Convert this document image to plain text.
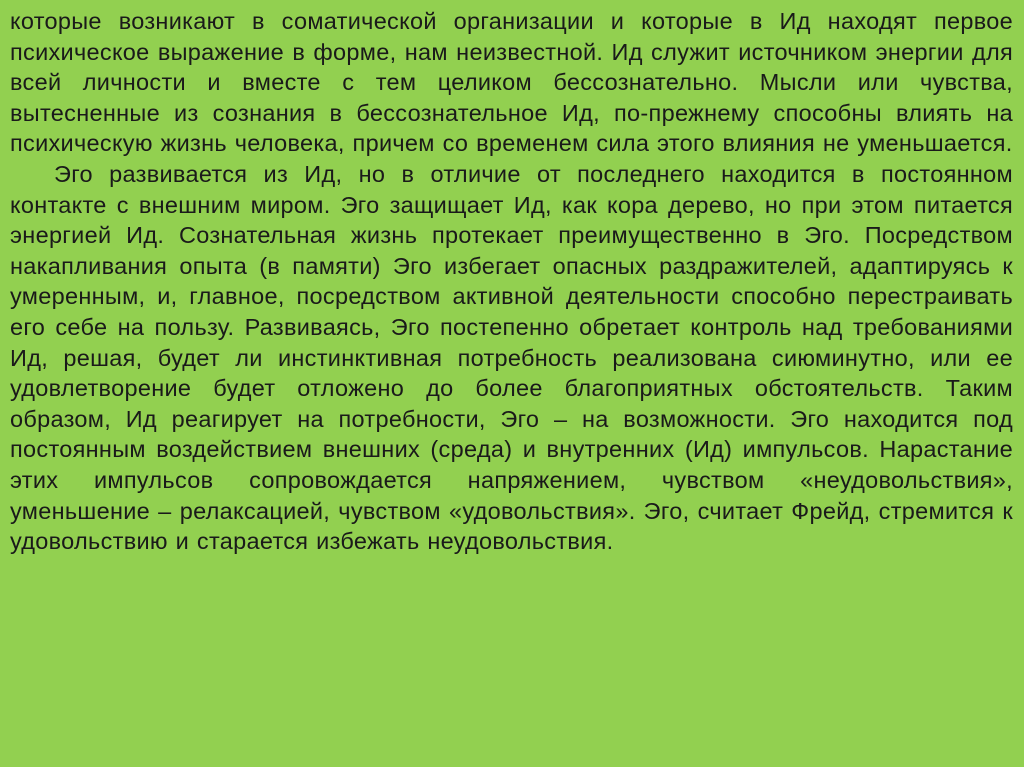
которые возникают в соматической организации и которые в Ид находят первое психическое выражение в форме, нам неизвестной. Ид служит источником энергии для всей личности и вместе с тем целиком бессознательно. Мысли или чувства, вытесненные из сознания в бессознательное Ид, по-прежнему способны влиять на психическую жизнь человека, причем со временем сила этого влияния не уменьшается.

Эго развивается из Ид, но в отличие от последнего находится в постоянном контакте с внешним миром. Эго защищает Ид, как кора дерево, но при этом питается энергией Ид. Сознательная жизнь протекает преимущественно в Эго. Посредством накапливания опыта (в памяти) Эго избегает опасных раздражителей, адаптируясь к умеренным, и, главное, посредством активной деятельности способно перестраивать его себе на пользу. Развиваясь, Эго постепенно обретает контроль над требованиями Ид, решая, будет ли инстинктивная потребность реализована сиюминутно, или ее удовлетворение будет отложено до более благоприятных обстоятельств. Таким образом, Ид реагирует на потребности, Эго – на возможности. Эго находится под постоянным воздействием внешних (среда) и внутренних (Ид) импульсов. Нарастание этих импульсов сопровождается напряжением, чувством «неудовольствия», уменьшение – релаксацией, чувством «удовольствия». Эго, считает Фрейд, стремится к удовольствию и старается избежать неудовольствия.
